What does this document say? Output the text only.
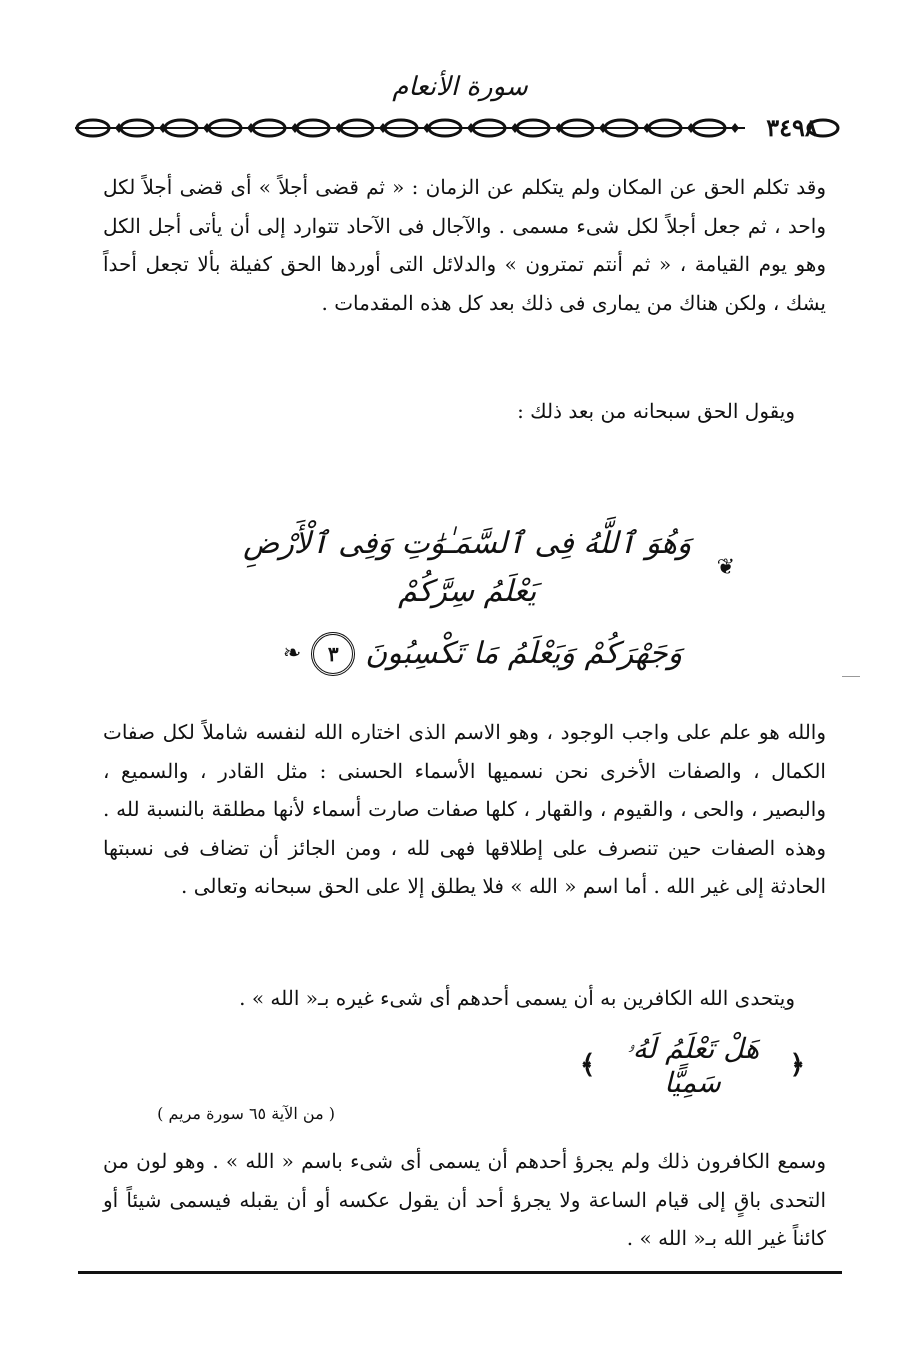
سورة الأنعام
٣٤٩٨

وقد تكلم الحق عن المكان ولم يتكلم عن الزمان : « ثم قضى أجلاً » أى قضى أجلاً لكل واحد ، ثم جعل أجلاً لكل شىء مسمى . والآجال فى الآحاد تتوارد إلى أن يأتى أجل الكل وهو يوم القيامة ، « ثم أنتم تمترون » والدلائل التى أوردها الحق كفيلة بألا تجعل أحداً يشك ، ولكن هناك من يمارى فى ذلك بعد كل هذه المقدمات .

ويقول الحق سبحانه من بعد ذلك :

❦
وَهُوَ ٱللَّهُ فِى ٱلسَّمَـٰوَٰتِ وَفِى ٱلْأَرْضِ يَعْلَمُ سِرَّكُمْ
وَجَهْرَكُمْ وَيَعْلَمُ مَا تَكْسِبُونَ
٣
❧

والله هو علم على واجب الوجود ، وهو الاسم الذى اختاره الله لنفسه شاملاً لكل صفات الكمال ، والصفات الأخرى نحن نسميها الأسماء الحسنى : مثل القادر ، والسميع ، والبصير ، والحى ، والقيوم ، والقهار ، كلها صفات صارت أسماء لأنها مطلقة بالنسبة لله . وهذه الصفات حين تنصرف على إطلاقها فهى لله ، ومن الجائز أن تضاف فى نسبتها الحادثة إلى غير الله . أما اسم « الله » فلا يطلق إلا على الحق سبحانه وتعالى .

ويتحدى الله الكافرين به أن يسمى أحدهم أى شىء غيره بـ« الله » .

﴿
هَلْ تَعْلَمُ لَهُۥ سَمِيًّا
﴾
( من الآية ٦٥ سورة مريم )

وسمع الكافرون ذلك ولم يجرؤ أحدهم أن يسمى أى شىء باسم « الله » . وهو لون من التحدى باقٍ إلى قيام الساعة ولا يجرؤ أحد أن يقول عكسه أو أن يقبله فيسمى شيئاً أو كائناً غير الله بـ« الله » .
